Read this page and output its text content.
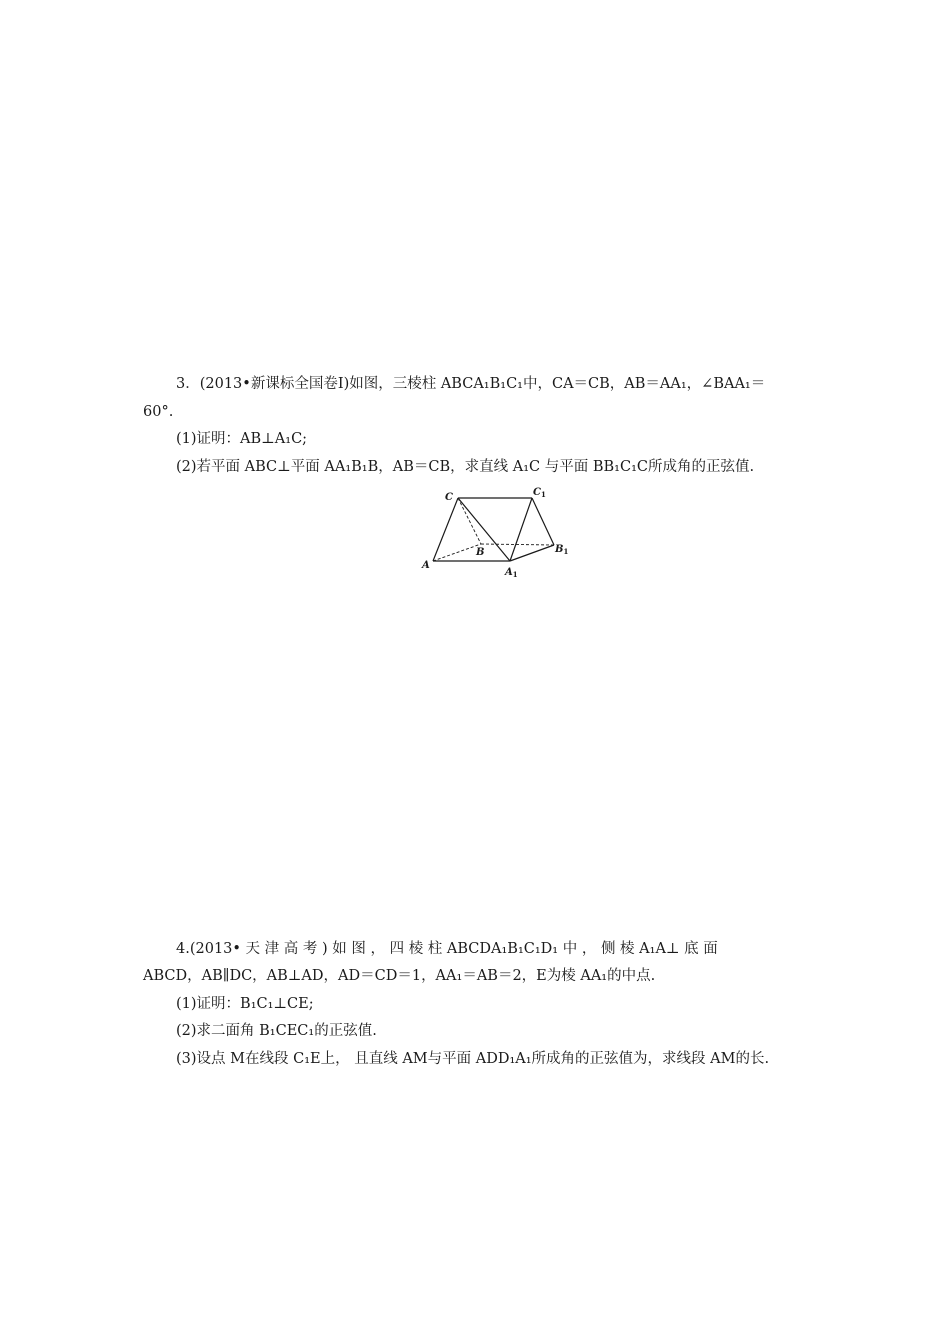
3．(2013•新课标全国卷Ⅰ)如图，三棱柱 ABCA₁B₁C₁中，CA＝CB，AB＝AA₁，∠BAA₁＝
60°.
(1)证明：AB⊥A₁C;
(2)若平面 ABC⊥平面 AA₁B₁B，AB＝CB，求直线 A₁C 与平面 BB₁C₁C所成角的正弦值.
C	$C_1$
B	$B_1$
A
$A_1$
4.(2013• 天 津 高 考 ) 如 图 ， 四 棱 柱 ABCDA₁B₁C₁D₁ 中 ， 侧 棱 A₁A⊥ 底 面
ABCD，AB∥DC，AB⊥AD，AD＝CD＝1，AA₁＝AB＝2，E为棱 AA₁的中点.
(1)证明：B₁C₁⊥CE;
(2)求二面角 B₁CEC₁的正弦值.
(3)设点 M在线段 C₁E上， 且直线 AM与平面 ADD₁A₁所成角的正弦值为，求线段 AM的长.
